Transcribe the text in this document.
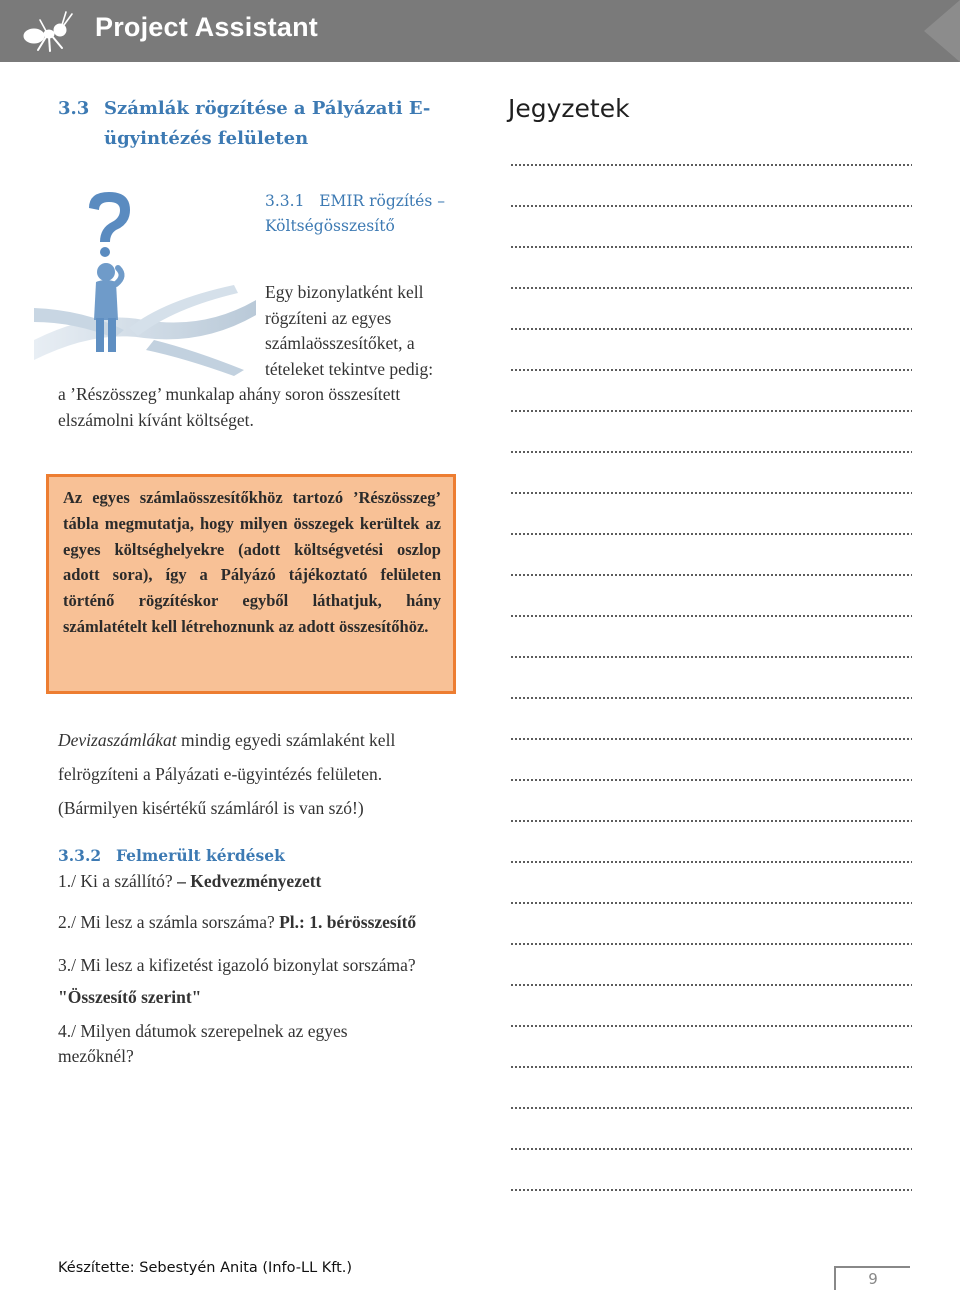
Project Assistant
3.3 Számlák rögzítése a Pályázati E-
ügyintézés felületen
3.3.1 EMIR rögzítés –
Költségösszesítő
Egy bizonylatként kell
rögzíteni az egyes
számlaösszesítőket, a
tételeket tekintve pedig:
a ’Részösszeg’ munkalap ahány soron összesített
elszámolni kívánt költséget.

Az egyes számlaösszesítőkhöz tartozó ’Részösszeg’ tábla megmutatja, hogy milyen összegek kerültek az egyes költséghelyekre (adott költségvetési oszlop adott sora), így a Pályázó tájékoztató felületen történő rögzítéskor egyből láthatjuk, hány számlatételt kell létrehoznunk az adott összesítőhöz.

Devizaszámlákat mindig egyedi számlaként kell
felrögzíteni a Pályázati e-ügyintézés felületen.
(Bármilyen kisértékű számláról is van szó!)
3.3.2 Felmerült kérdések
1./ Ki a szállító? – Kedvezményezett
2./ Mi lesz a számla sorszáma? Pl.: 1. bérösszesítő
3./ Mi lesz a kifizetést igazoló bizonylat sorszáma?
"Összesítő szerint"
4./ Milyen dátumok szerepelnek az egyes
mezőknél?
Jegyzetek
Készítette: Sebestyén Anita (Info-LL Kft.)
9
